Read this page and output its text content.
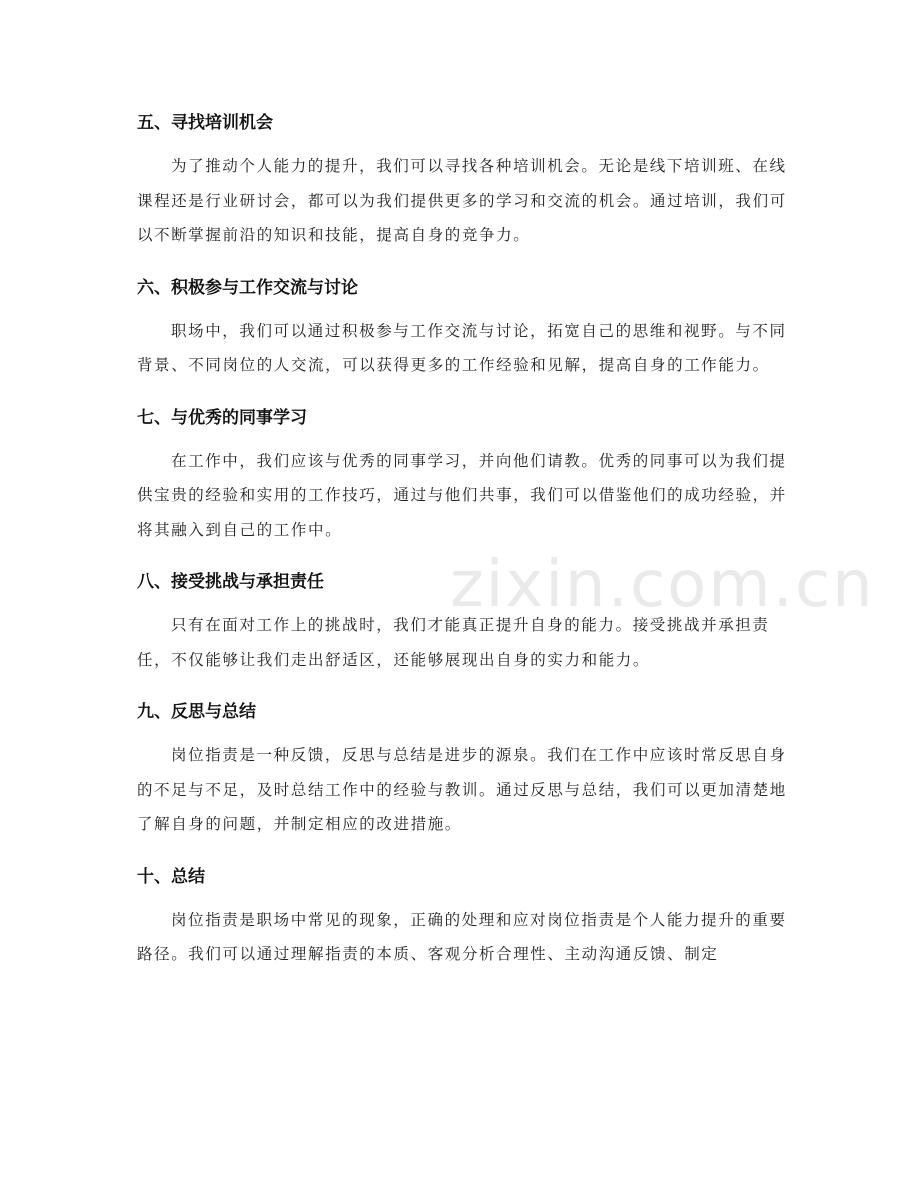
五、寻找培训机会

为了推动个人能力的提升，我们可以寻找各种培训机会。无论是线下培训班、在线课程还是行业研讨会，都可以为我们提供更多的学习和交流的机会。通过培训，我们可以不断掌握前沿的知识和技能，提高自身的竞争力。

六、积极参与工作交流与讨论

职场中，我们可以通过积极参与工作交流与讨论，拓宽自己的思维和视野。与不同背景、不同岗位的人交流，可以获得更多的工作经验和见解，提高自身的工作能力。

七、与优秀的同事学习

在工作中，我们应该与优秀的同事学习，并向他们请教。优秀的同事可以为我们提供宝贵的经验和实用的工作技巧，通过与他们共事，我们可以借鉴他们的成功经验，并将其融入到自己的工作中。

八、接受挑战与承担责任

只有在面对工作上的挑战时，我们才能真正提升自身的能力。接受挑战并承担责任，不仅能够让我们走出舒适区，还能够展现出自身的实力和能力。

九、反思与总结

岗位指责是一种反馈，反思与总结是进步的源泉。我们在工作中应该时常反思自身的不足与不足，及时总结工作中的经验与教训。通过反思与总结，我们可以更加清楚地了解自身的问题，并制定相应的改进措施。

十、总结

岗位指责是职场中常见的现象，正确的处理和应对岗位指责是个人能力提升的重要路径。我们可以通过理解指责的本质、客观分析合理性、主动沟通反馈、制定

zixin.com.cn
